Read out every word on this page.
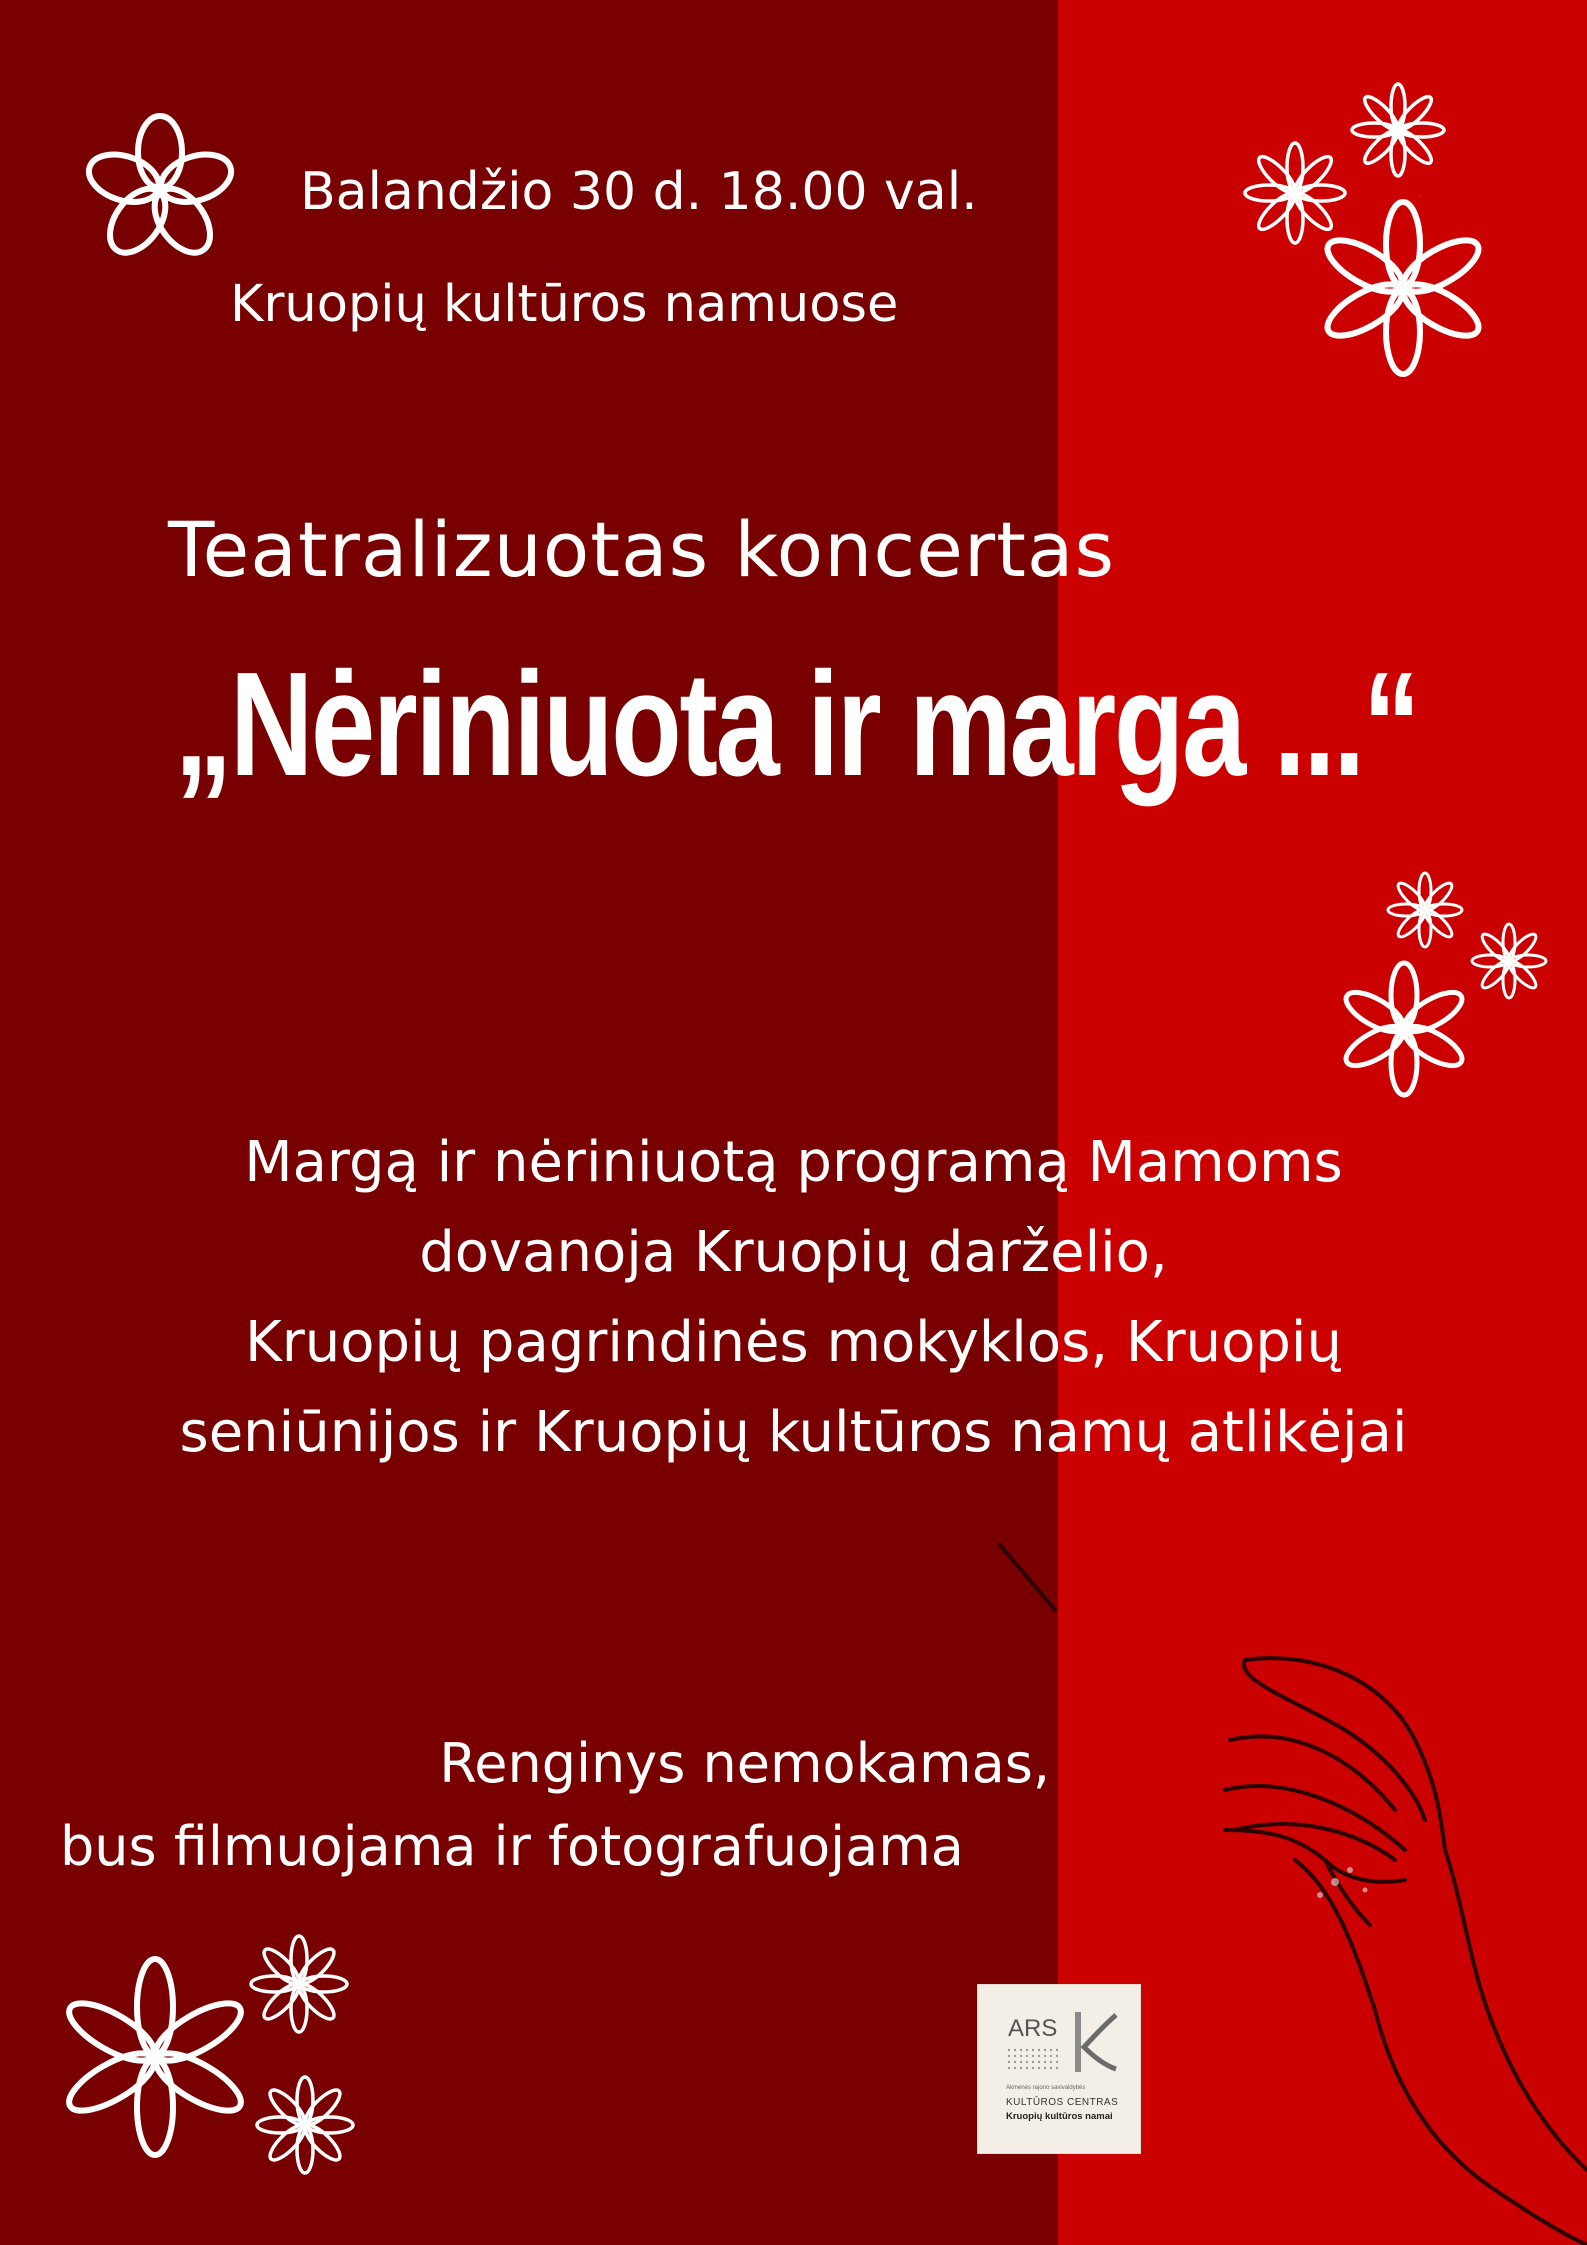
Balandžio 30 d. 18.00 val.
Kruopių kultūros namuose
Teatralizuotas koncertas
„Nėriniuota ir marga ...“
Margą ir nėriniuotą programą Mamoms
dovanoja Kruopių darželio,
Kruopių pagrindinės mokyklos, Kruopių
seniūnijos ir Kruopių kultūros namų atlikėjai
Renginys nemokamas,
bus filmuojama ir fotografuojama
ARS
Akmenės rajono savivaldybės
KULTŪROS CENTRAS
Kruopių kultūros namai
